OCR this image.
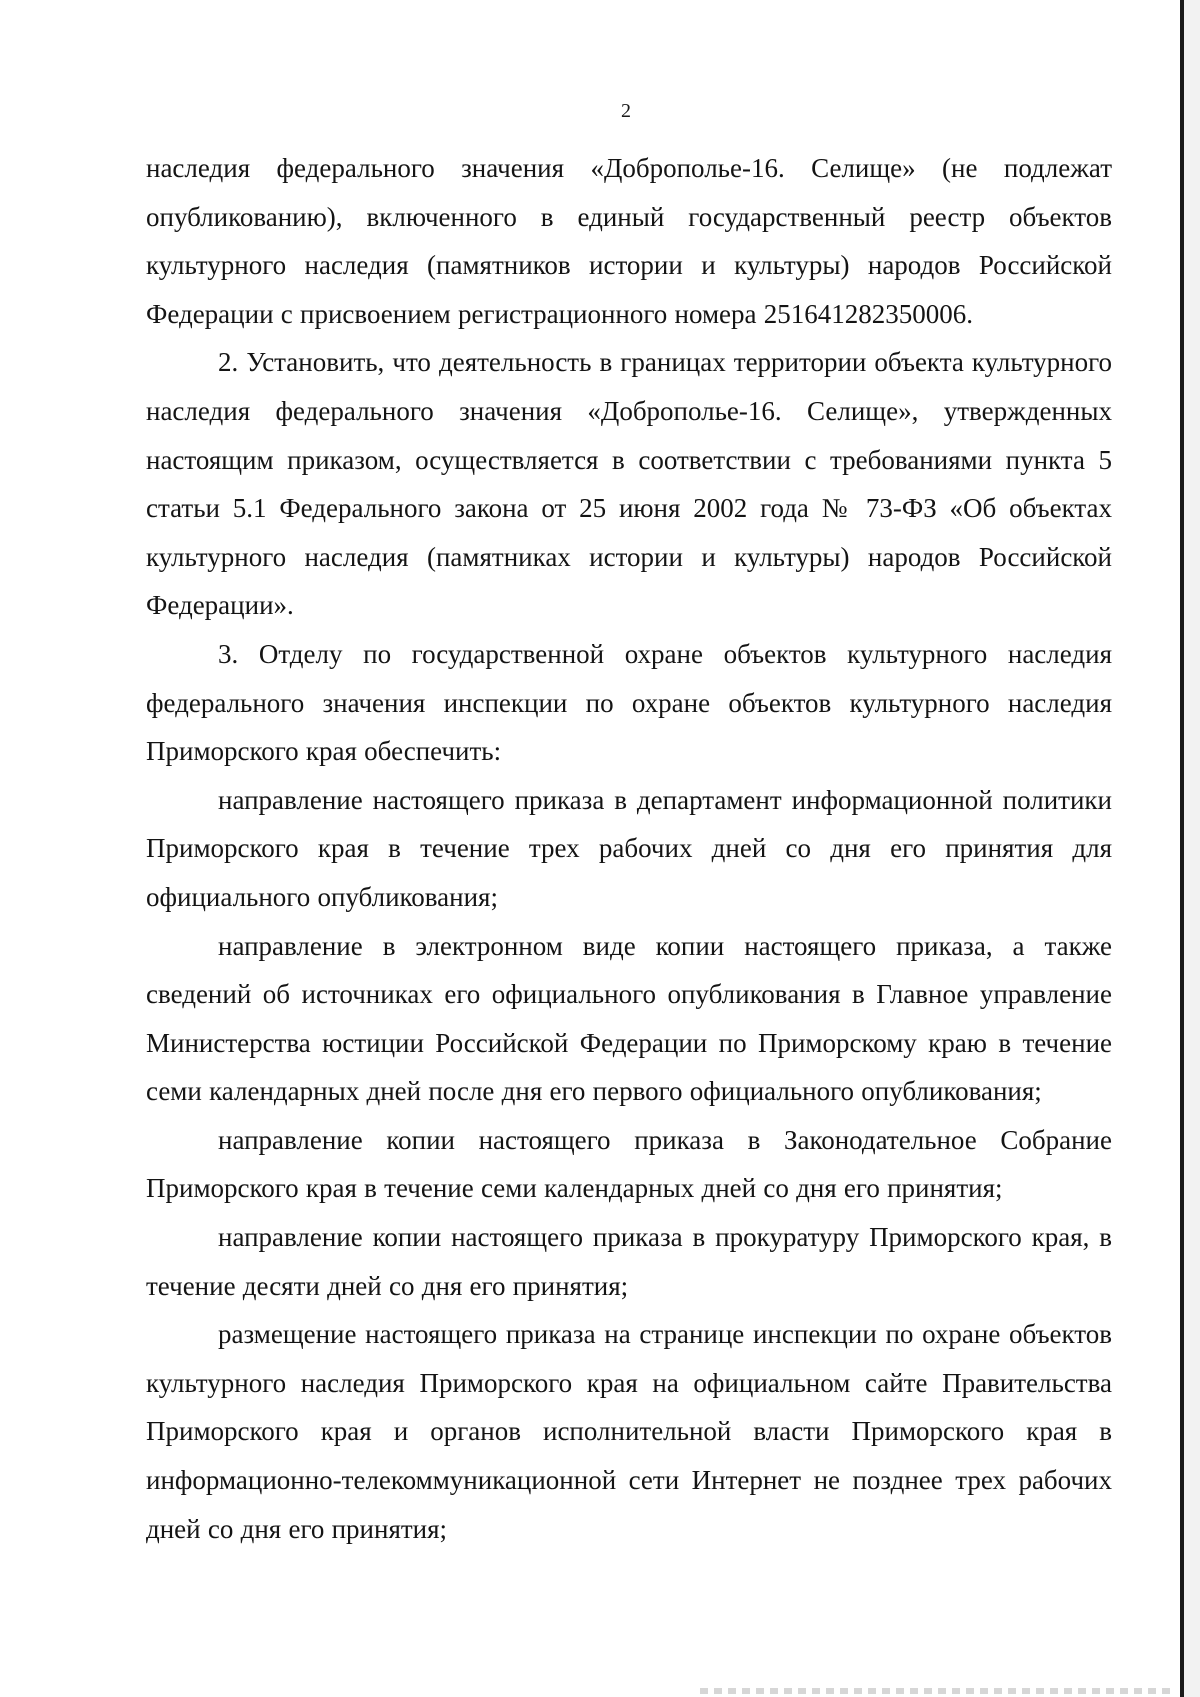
2

наследия федерального значения «Доброполье-16. Селище» (не подлежат опубликованию), включенного в единый государственный реестр объектов культурного наследия (памятников истории и культуры) народов Российской Федерации с присвоением регистрационного номера 251641282350006.

2. Установить, что деятельность в границах территории объекта культурного наследия федерального значения «Доброполье-16. Селище», утвержденных настоящим приказом, осуществляется в соответствии с требованиями пункта 5 статьи 5.1 Федерального закона от 25 июня 2002 года № 73-ФЗ «Об объектах культурного наследия (памятниках истории и культуры) народов Российской Федерации».

3. Отделу по государственной охране объектов культурного наследия федерального значения инспекции по охране объектов культурного наследия Приморского края обеспечить:

направление настоящего приказа в департамент информационной политики Приморского края в течение трех рабочих дней со дня его принятия для официального опубликования;

направление в электронном виде копии настоящего приказа, а также сведений об источниках его официального опубликования в Главное управление Министерства юстиции Российской Федерации по Приморскому краю в течение семи календарных дней после дня его первого официального опубликования;

направление копии настоящего приказа в Законодательное Собрание Приморского края в течение семи календарных дней со дня его принятия;

направление копии настоящего приказа в прокуратуру Приморского края, в течение десяти дней со дня его принятия;

размещение настоящего приказа на странице инспекции по охране объектов культурного наследия Приморского края на официальном сайте Правительства Приморского края и органов исполнительной власти Приморского края в информационно-телекоммуникационной сети Интернет не позднее трех рабочих дней со дня его принятия;
